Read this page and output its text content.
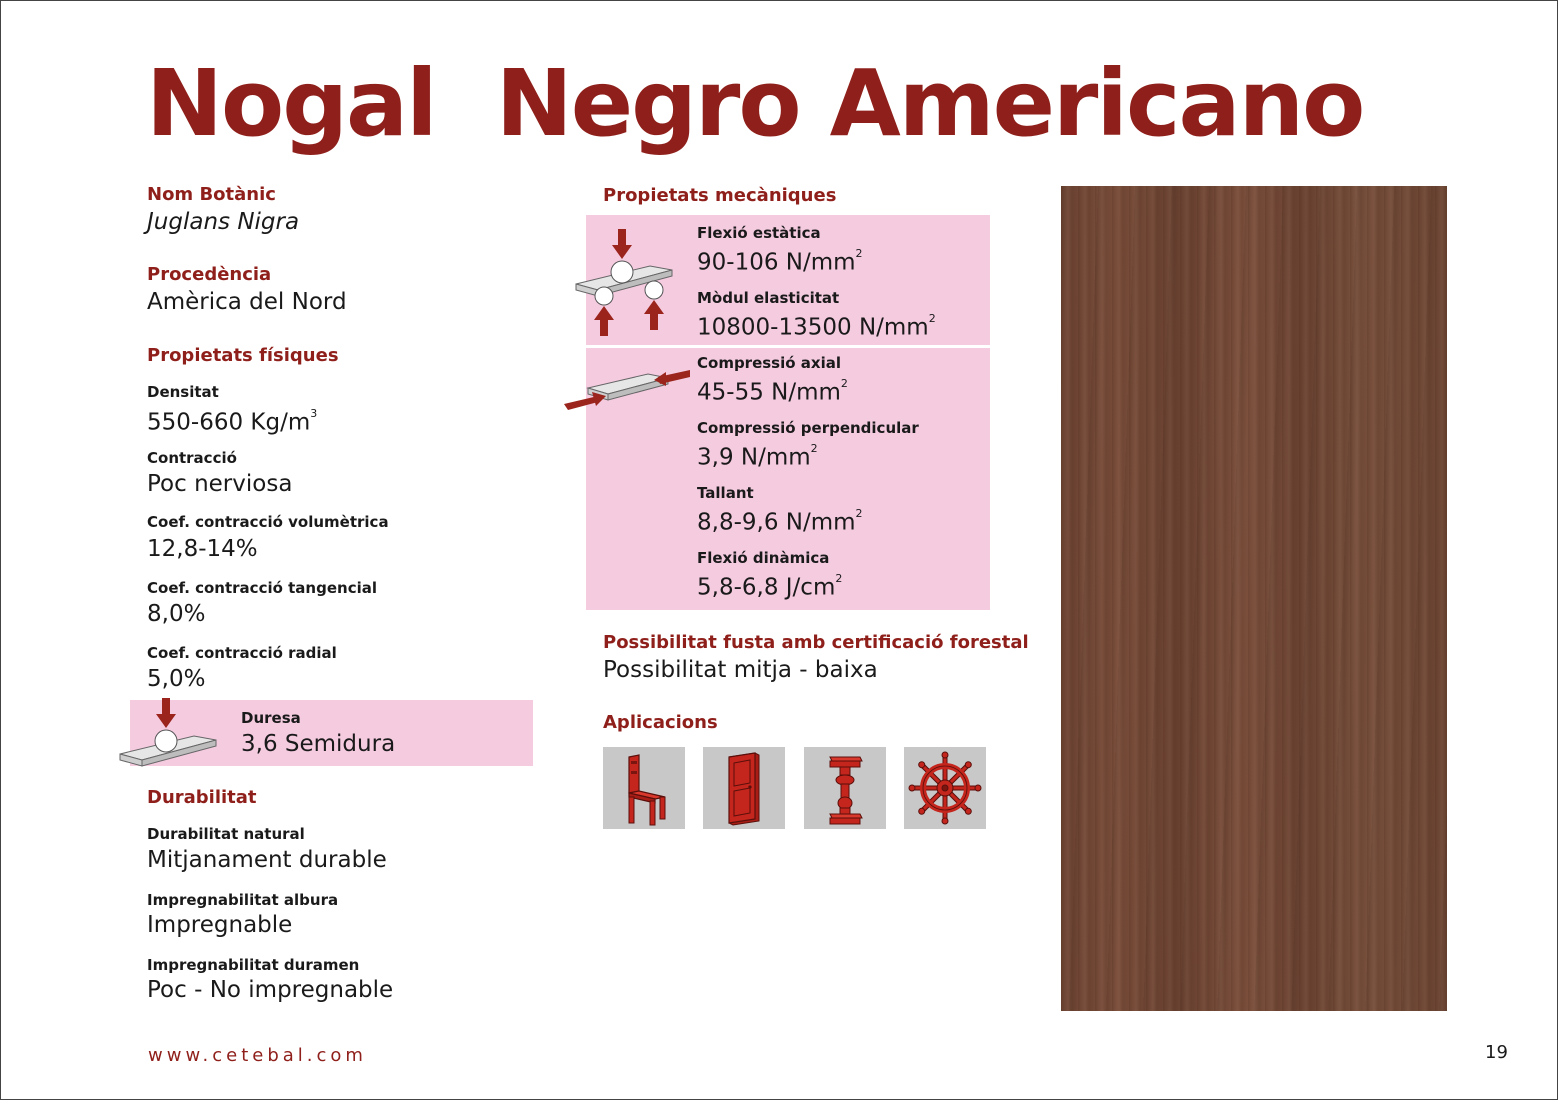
Nogal  Negro Americano
Nom Botànic
Juglans Nigra
Procedència
Amèrica del Nord
Propietats físiques
Densitat
550-660 $Kg/m^3$
Contracció
Poc nerviosa
Coef. contracció volumètrica
12,8-14%
Coef. contracció tangencial
8,0%
Coef. contracció radial
5,0%
Duresa
3,6 Semidura
Durabilitat
Durabilitat natural
Mitjanament durable
Impregnabilitat albura
Impregnable
Impregnabilitat duramen
Poc - No impregnable
Propietats mecàniques
Flexió estàtica
90-106 $N/mm^2$
Mòdul elasticitat
10800-13500 $N/mm^2$
Compressió axial
45-55 $N/mm^2$
Compressió perpendicular
3,9 $N/mm^2$
Tallant
8,8-9,6 $N/mm^2$
Flexió dinàmica
5,8-6,8 $J/cm^2$
Possibilitat fusta amb certificació forestal
Possibilitat mitja - baixa
Aplicacions
www.cetebal.com	19
